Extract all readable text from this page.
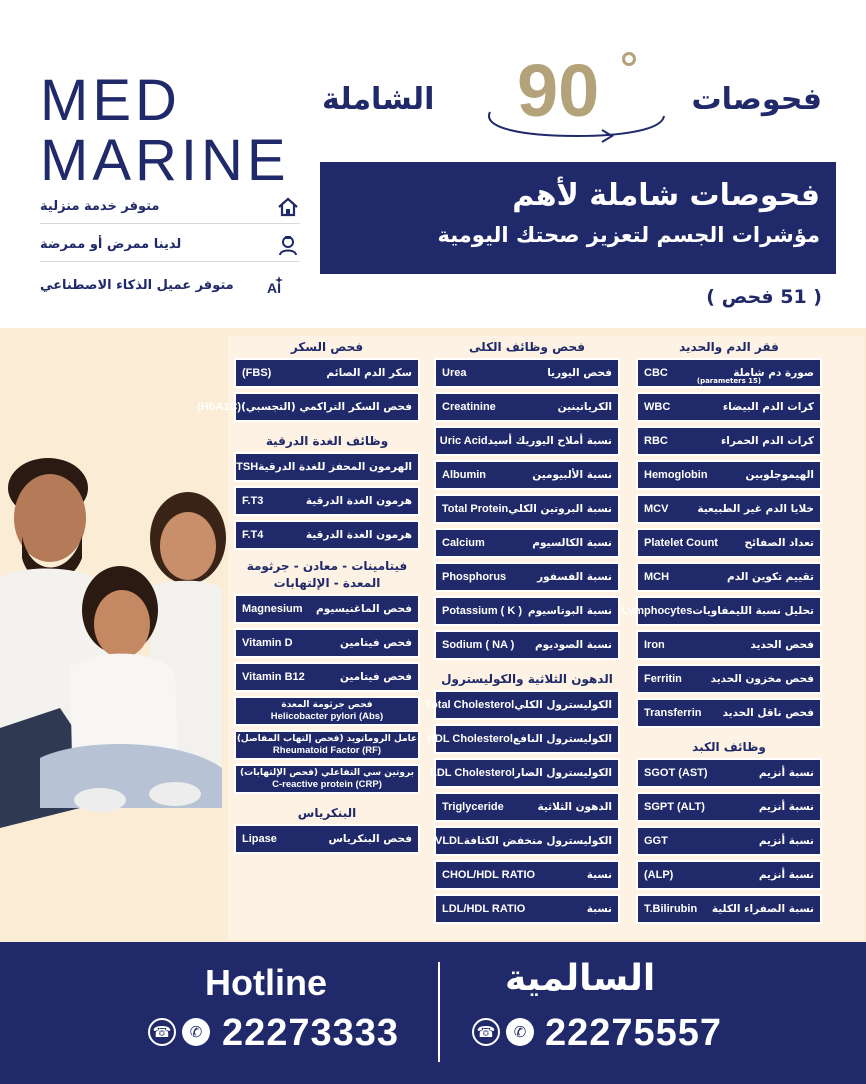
MED
MARINE
متوفر خدمة منزلية
لدينا ممرض أو ممرضة
AI
متوفر عميل الذكاء الاصطناعي
فحوصات
90
الشاملة
فحوصات شاملة لأهم
مؤشرات الجسم لتعزيز صحتك اليومية
( 51 فحص )
فقر الدم والحديد
صورة دم شاملة
CBC
(15 parameters)
كرات الدم البيضاء
WBC
كرات الدم الحمراء
RBC
الهيموجلوبين
Hemoglobin
خلايا الدم غير الطبيعية
MCV
تعداد الصفائح
Platelet Count
تقييم تكوين الدم
MCH
تحليل نسبة الليمفاويات
Lymphocytes
فحص الحديد
Iron
فحص مخزون الحديد
Ferritin
فحص ناقل الحديد
Transferrin
وظائف الكبد
نسبة أنزيم
SGOT (AST)
نسبة أنزيم
SGPT (ALT)
نسبة أنزيم
GGT
نسبة أنزيم
(ALP)
نسبة الصفراء الكلية
T.Bilirubin
فحص وظائف الكلى
فحص اليوريا
Urea
الكرياتينين
Creatinine
نسبة أملاح اليوريك أسيد
Uric Acid
نسبة الألبيومين
Albumin
نسبة البروتين الكلي
Total Protein
نسبة الكالسيوم
Calcium
نسبة الفسفور
Phosphorus
نسبة البوتاسيوم
Potassium ( K )
نسبة الصوديوم
Sodium ( NA )
الدهون الثلاثية والكوليسترول
الكوليسترول الكلي
Total Cholesterol
الكوليسترول النافع
HDL Cholesterol
الكوليسترول الضار
LDL Cholesterol
الدهون الثلاثية
Triglyceride
الكوليسترول منخفض الكثافة
VLDL
نسبة
CHOL/HDL RATIO
نسبة
LDL/HDL RATIO
فحص السكر
سكر الدم الصائم
(FBS)
فحص السكر التراكمي (التجسبي)
(HbA1C)
وظائف الغدة الدرقية
الهرمون المحفز للغدة الدرقية
TSH
هرمون الغدة الدرقية
F.T3
هرمون الغدة الدرقية
F.T4
فيتامينات - معادن - جرثومة المعدة - الإلتهابات
فحص الماغنيسيوم
Magnesium
فحص فيتامين
Vitamin D
فحص فيتامين
Vitamin B12
فحص جرثومة المعدة
Helicobacter pylori (Abs)
عامل الروماتويد (فحص إلتهاب المفاصل)
Rheumatoid Factor (RF)
بروتين سي التفاعلي (فحص الإلتهابات)
C-reactive protein (CRP)
البنكرياس
فحص البنكرياس
Lipase
Hotline
☎	✆ 22273333
السالمية
☎	✆ 22275557
